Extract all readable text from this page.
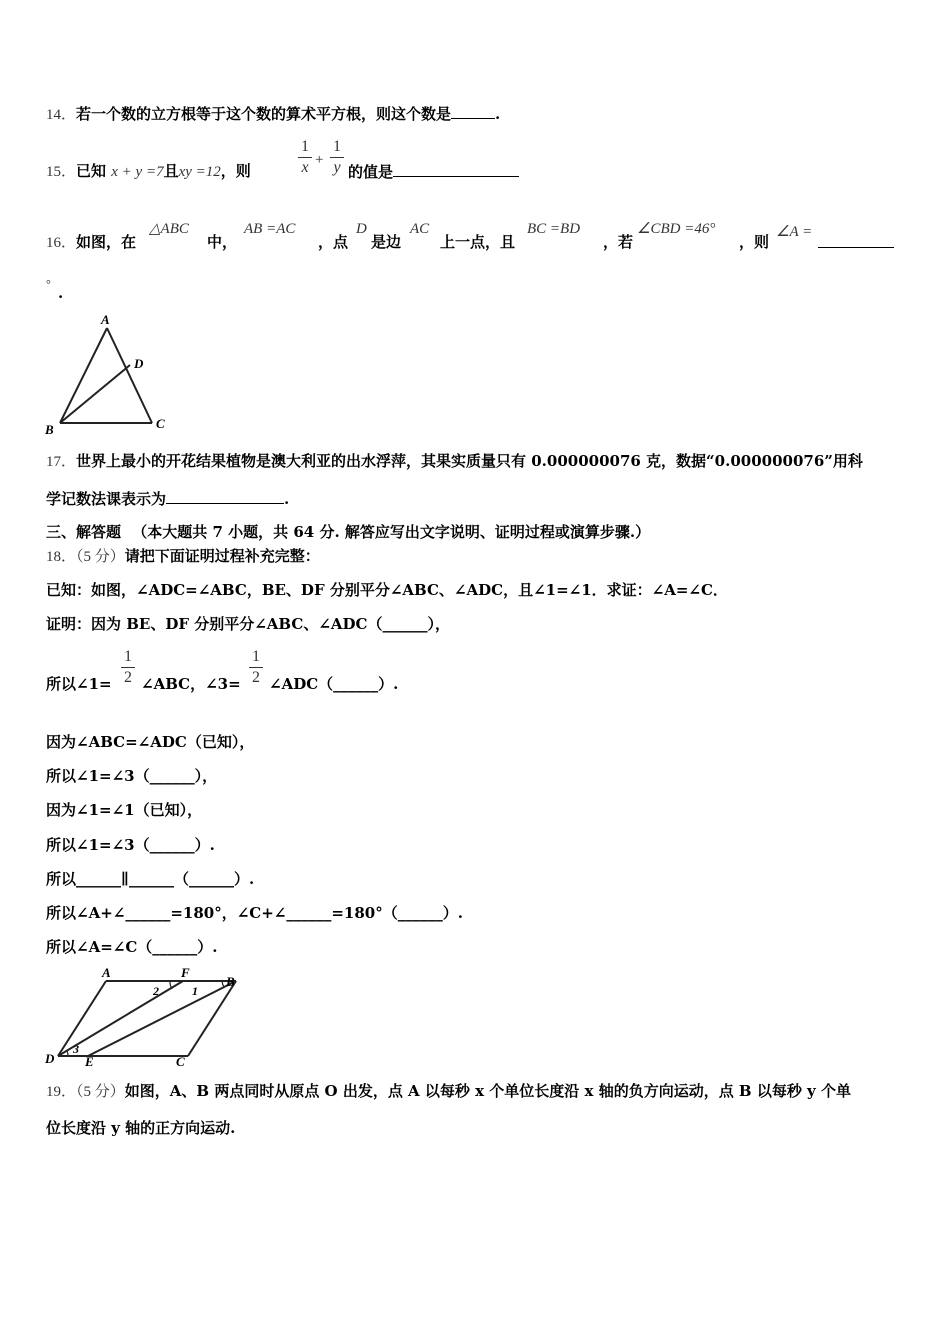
14．若一个数的立方根等于这个数的算术平方根，则这个数是	.
15．已知 x + y =7且xy =12，则
1
x +
1
y 的值是
16．如图，在
△ABC
中，
AB =AC
，点
D
是边
AC
上一点，且
BC =BD
，若
∠CBD =46°
，则
∠A =
° .
A
D
B	C
17．世界上最小的开花结果植物是澳大利亚的出水浮萍，其果实质量只有 0.000000076 克，数据“0.000000076”用科
学记数法课表示为	.
三、解答题 （本大题共 7 小题，共 64 分. 解答应写出文字说明、证明过程或演算步骤.）
18．（5 分）请把下面证明过程补充完整：
已知：如图，∠ADC=∠ABC，BE、DF 分别平分∠ABC、∠ADC，且∠1=∠1．求证：∠A=∠C．
证明：因为 BE、DF 分别平分∠ABC、∠ADC（______），
所以∠1=
1
2 ∠ABC，∠3=
1
2 ∠ADC（______）.
因为∠ABC=∠ADC（已知），
所以∠1=∠3（______），
因为∠1=∠1（已知），
所以∠1=∠3（______）.
所以______∥______（______）.
所以∠A+∠______=180°，∠C+∠______=180°（______）.
所以∠A=∠C（______）.
A	F
B
D E	C
2	1
3
19．（5 分）如图，A、B 两点同时从原点 O 出发，点 A 以每秒 x 个单位长度沿 x 轴的负方向运动，点 B 以每秒 y 个单
位长度沿 y 轴的正方向运动.
